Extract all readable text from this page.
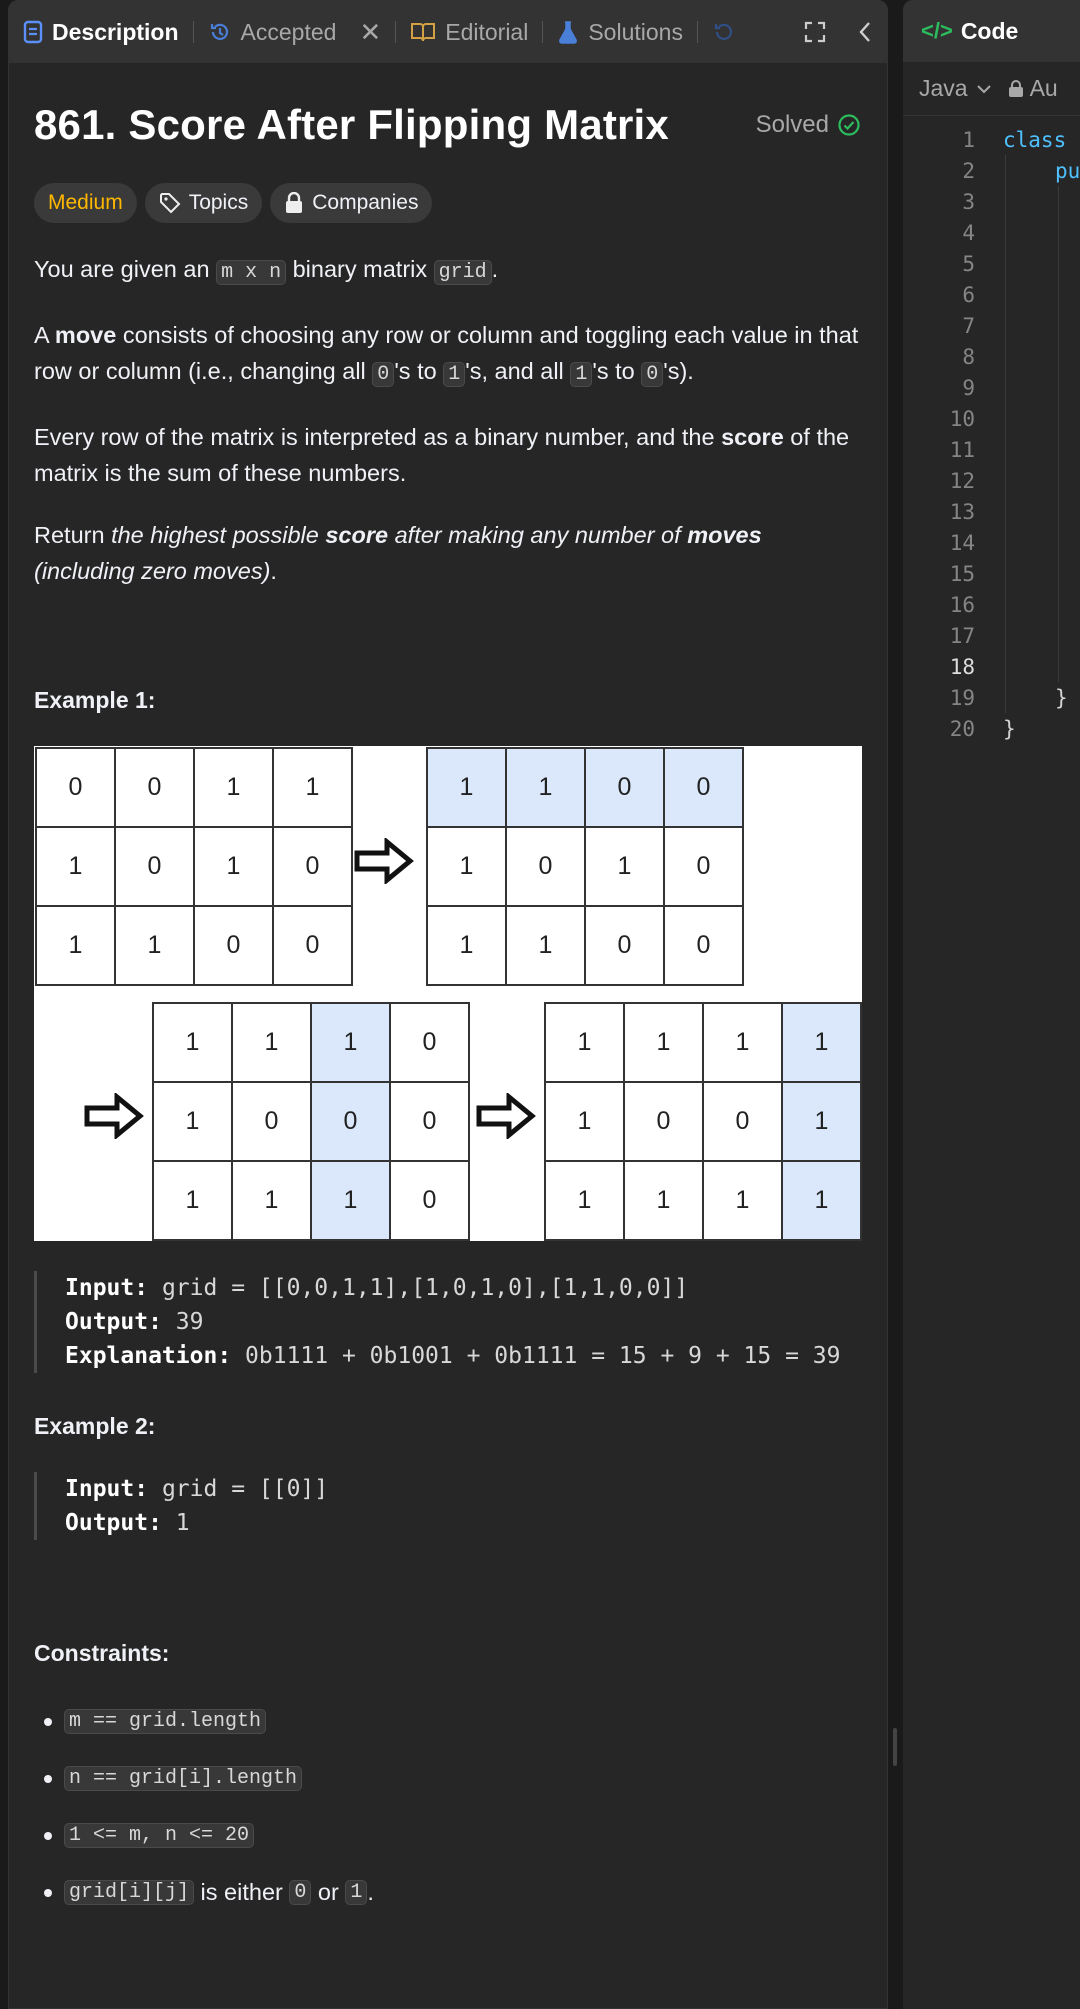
Description	Accepted ✕	Editorial	Solutions
861. Score After Flipping Matrix	Solved
Medium	Topics	Companies

You are given an m x n binary matrix grid .

A move consists of choosing any row or column and toggling each value in that row or column (i.e., changing all 0 's to 1 's, and all 1 's to 0 's).

Every row of the matrix is interpreted as a binary number, and the score of the matrix is the sum of these numbers.

Return the highest possible score after making any number of moves (including zero moves).

Example 1:
0	0	1	1
1	0	1	0
1	1	0	0
1	1	0	0
1	0	1	0
1	1	0	0
1	1	1	0
1	0	0	0
1	1	1	0
1	1	1	1
1	0	0	1
1	1	1	1
Input: grid = [[0,0,1,1],[1,0,1,0],[1,1,0,0]]
Output: 39
Explanation: 0b1111 + 0b1001 + 0b1111 = 15 + 9 + 15 = 39
Example 2:
Input: grid = [[0]]
Output: 1
Constraints:
m == grid.length
n == grid[i].length
1 <= m, n <= 20
grid[i][j] is either 0 or 1 .
</> Code
Java	Au
1 class
2	pu
3
4
5
6
7
8
9
10
11
12
13
14
15
16
17
18
19	}
20 }
